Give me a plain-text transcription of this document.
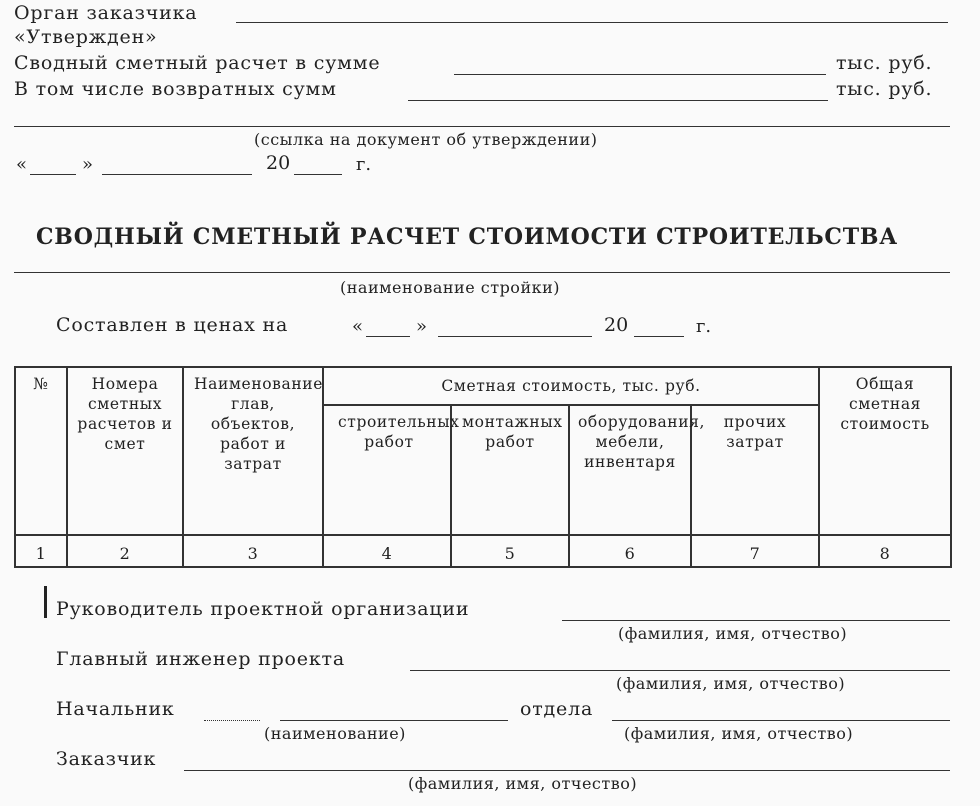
Орган заказчика
«Утвержден»
Сводный сметный расчет в сумме	тыс. руб.
В том числе возвратных сумм	тыс. руб.
(ссылка на документ об утверждении)
«	»	20	г.
СВОДНЫЙ СМЕТНЫЙ РАСЧЕТ СТОИМОСТИ СТРОИТЕЛЬСТВА
(наименование стройки)
Составлен в ценах на	«	»	20	г.
№	Номера сметных расчетов и смет	Наименование глав, объектов, работ и затрат	Сметная стоимость, тыс. руб.				Общая сметная стоимость

			строительных работ	монтажных работ	оборудования, мебели, инвентаря	прочих затрат	

1	2	3	4	5	6	7	8
Руководитель проектной организации
(фамилия, имя, отчество)
Главный инженер проекта
(фамилия, имя, отчество)
Начальник	отдела
(наименование)	(фамилия, имя, отчество)
Заказчик
(фамилия, имя, отчество)
